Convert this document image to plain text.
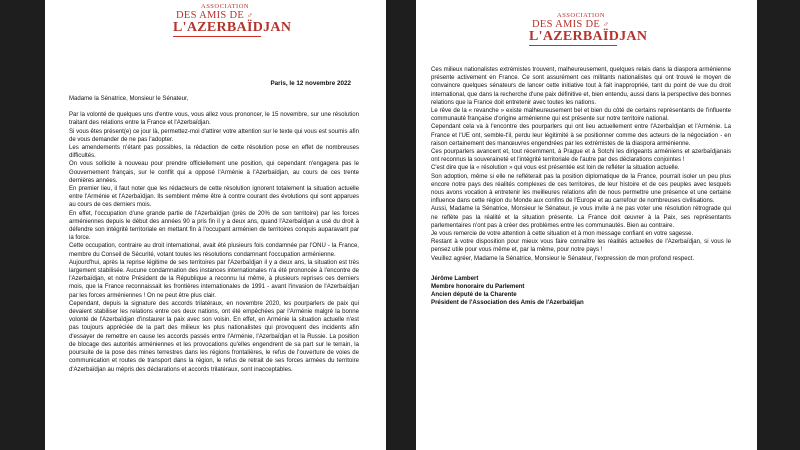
ASSOCIATION
DES AMIS DE ♂
L'AZERBAÏDJAN
Paris, le 12 novembre 2022

Madame la Sénatrice, Monsieur le Sénateur,

Par la volonté de quelques uns d'entre vous, vous allez vous prononcer, le 15 novembre, sur une résolution traitant des relations entre la France et l'Azerbaïdjan.

Si vous êtes présent(e) ce jour là, permettez-moi d'attirer votre attention sur le texte qui vous est soumis afin de vous demander de ne pas l'adopter.

Les amendements n'étant pas possibles, la rédaction de cette résolution pose en effet de nombreuses difficultés.

On vous sollicite à nouveau pour prendre officiellement une position, qui cependant n'engagera pas le Gouvernement français, sur le conflit qui a opposé l'Arménie à l'Azerbaïdjan, au cours de ces trente dernières années.

En premier lieu, il faut noter que les rédacteurs de cette résolution ignorent totalement la situation actuelle entre l'Arménie et l'Azerbaïdjan. Ils semblent même être à contre courant des évolutions qui sont apparues au cours de ces derniers mois.

En effet, l'occupation d'une grande partie de l'Azerbaïdjan (près de 20% de son territoire) par les forces arméniennes depuis le début des années 90 a pris fin il y a deux ans, quand l'Azerbaïdjan a usé du droit à défendre son intégrité territoriale en mettant fin à l'occupant arménien de territoires conquis auparavant par la force.

Cette occupation, contraire au droit international, avait été plusieurs fois condamnée par l'ONU - la France, membre du Conseil de Sécurité, votant toutes les résolutions condamnant l'occupation arménienne.

Aujourd'hui, après la reprise légitime de ses territoires par l'Azerbaïdjan il y a deux ans, la situation est très largement stabilisée. Aucune condamnation des instances internationales n'a été prononcée à l'encontre de l'Azerbaïdjan, et notre Président de la République a reconnu lui même, à plusieurs reprises ces derniers mois, que la France reconnaissait les frontières internationales de 1991 - avant l'invasion de l'Azerbaïdjan par les forces arméniennes ! On ne peut être plus clair.

Cependant, depuis la signature des accords trilatéraux, en novembre 2020, les pourparlers de paix qui devaient stabiliser les relations entre ces deux nations, ont été empêchées par l'Arménie malgré la bonne volonté de l'Azerbaïdjan d'instaurer la paix avec son voisin. En effet, en Arménie la situation actuelle n'est pas toujours appréciée de la part des milieux les plus nationalistes qui provoquent des incidents afin d'essayer de remettre en cause les accords passés entre l'Arménie, l'Azerbaïdjan et la Russie. La position de blocage des autorités arméniennes et les provocations qu'elles engendrent de sa part sur le terrain, la poursuite de la pose des mines terrestres dans les régions frontalières, le refus de l'ouverture de voies de communication et routes de transport dans la région, le refus de retrait de ses forces armées du territoire d'Azerbaïdjan au mépris des déclarations et accords trilatéraux, sont inacceptables.

ASSOCIATION
DES AMIS DE ♂
L'AZERBAÏDJAN

Ces milieux nationalistes extrémistes trouvent, malheureusement, quelques relais dans la diaspora arménienne présente activement en France. Ce sont assurément ces militants nationalistes qui ont trouvé le moyen de convaincre quelques sénateurs de lancer cette initiative tout à fait inappropriée, tant du point de vue du droit international, que dans la recherche d'une paix définitive et, bien entendu, aussi dans la perspective des bonnes relations que la France doit entretenir avec toutes les nations.

Le rêve de la « revanche » existe malheureusement bel et bien du côté de certains représentants de l'influente communauté française d'origine arménienne qui est présente sur notre territoire national.

Cependant cela va à l'encontre des pourparlers qui ont lieu actuellement entre l'Azerbaïdjan et l'Arménie. La France et l'UE ont, semble-t'il, perdu leur légitimité à se positionner comme des acteurs de la négociation - en raison certainement des manœuvres engendrées par les extrémistes de la diaspora arménienne.

Ces pourparlers avancent et, tout récemment, à Prague et à Sotchi les dirigeants arméniens et azerbaïdjanais ont reconnus la souveraineté et l'intégrité territoriale de l'autre par des déclarations conjointes !

C'est dire que la « résolution » qui vous est présentée est loin de refléter la situation actuelle.

Son adoption, même si elle ne refléterait pas la position diplomatique de la France, pourrait isoler un peu plus encore notre pays des réalités complexes de ces territoires, de leur histoire et de ces peuples avec lesquels nous avons vocation à entretenir les meilleures relations afin de nous permettre une présence et une certaine influence dans cette région du Monde aux confins de l'Europe et au carrefour de nombreuses civilisations.

Aussi, Madame la Sénatrice, Monsieur le Sénateur, je vous invite à ne pas voter une résolution rétrograde qui ne reflète pas la réalité et la situation présente. La France doit œuvrer à la Paix, ses représentants parlementaires n'ont pas à créer des problèmes entre les communautés. Bien au contraire.

Je vous remercie de votre attention à cette situation et à mon message confiant en votre sagesse.

Restant à votre disposition pour mieux vous faire connaître les réalités actuelles de l'Azerbaïdjan, si vous le pensez utile pour vous même et, par la même, pour notre pays !

Veuillez agréer, Madame la Sénatrice, Monsieur le Sénateur, l'expression de mon profond respect.

Jérôme Lambert
Membre honoraire du Parlement
Ancien député de la Charente
Président de l'Association des Amis de l'Azerbaïdjan
